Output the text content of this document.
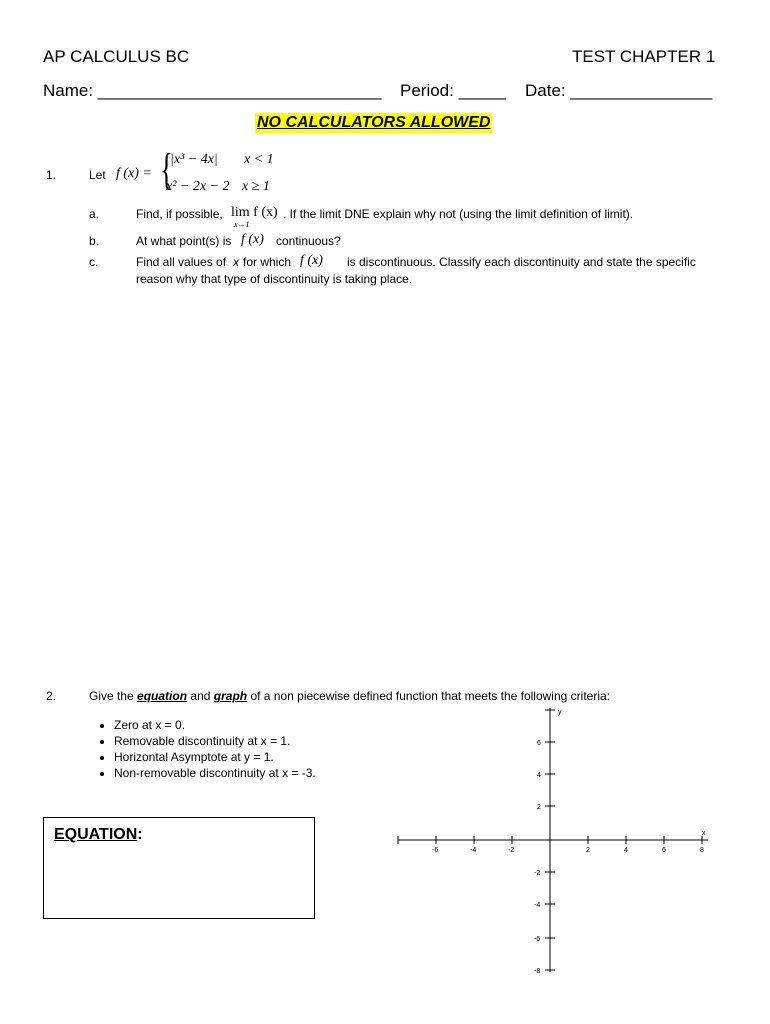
AP CALCULUS BC	TEST CHAPTER 1
Name: ______________________________ Period: _____ Date: _______________
NO CALCULATORS ALLOWED
1.	Let f (x) = {
|x³ − 4x| x < 1
x² − 2x − 2 x ≥ 1
a.	Find, if possible, lim f (x)
x→1
. If the limit DNE explain why not (using the limit definition of limit).
b.	At what point(s) is f (x) continuous?
c.	Find all values of x for which f (x) is discontinuous. Classify each discontinuity and state the specific
reason why that type of discontinuity is taking place.
2.	Give the equation and graph of a non piecewise defined function that meets the following criteria:
• Zero at x = 0.
• Removable discontinuity at x = 1.
• Horizontal Asymptote at y = 1.
• Non-removable discontinuity at x = -3.
EQUATION:	x
y
-6	-4	-2	2	4	6	8
6
4
2
-2
-4
-6
-8
